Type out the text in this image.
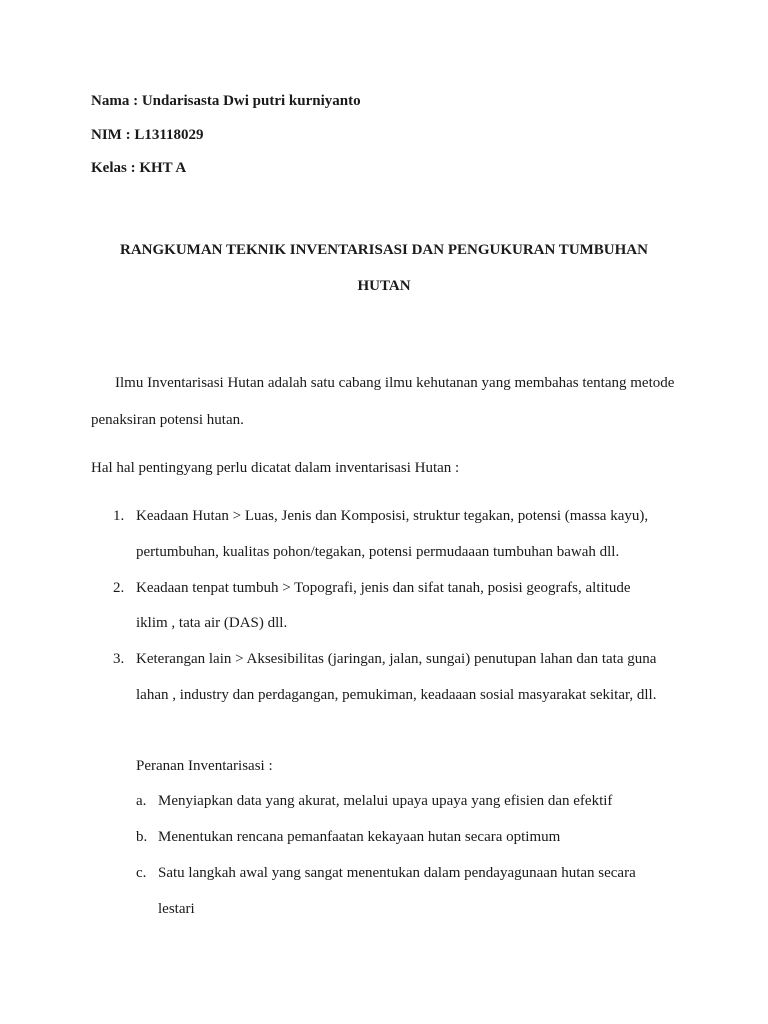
Nama : Undarisasta Dwi putri kurniyanto
NIM : L13118029
Kelas : KHT A
RANGKUMAN TEKNIK INVENTARISASI DAN PENGUKURAN TUMBUHAN
HUTAN
Ilmu Inventarisasi Hutan adalah satu cabang ilmu kehutanan yang membahas tentang metode
penaksiran potensi hutan.
Hal hal pentingyang perlu dicatat dalam inventarisasi Hutan :
1. Keadaan Hutan > Luas, Jenis dan Komposisi, struktur tegakan, potensi (massa kayu),
pertumbuhan, kualitas pohon/tegakan, potensi permudaaan tumbuhan bawah dll.
2. Keadaan tenpat tumbuh > Topografi, jenis dan sifat tanah, posisi geografs, altitude
iklim , tata air (DAS) dll.
3. Keterangan lain > Aksesibilitas (jaringan, jalan, sungai) penutupan lahan dan tata guna
lahan , industry dan perdagangan, pemukiman, keadaaan sosial masyarakat sekitar, dll.
Peranan Inventarisasi :
a. Menyiapkan data yang akurat, melalui upaya upaya yang efisien dan efektif
b. Menentukan rencana pemanfaatan kekayaan hutan secara optimum
c. Satu langkah awal yang sangat menentukan dalam pendayagunaan hutan secara
lestari
